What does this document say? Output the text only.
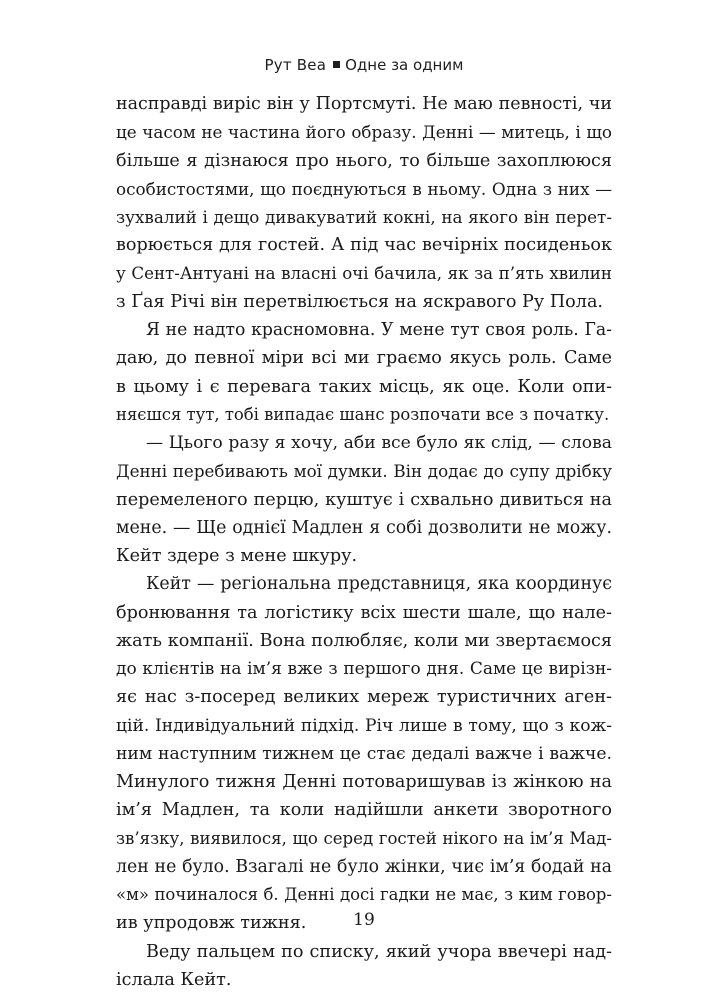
Рут Веа Одне за одним
насправді виріс він у Портсмуті. Не маю певності, чи
це часом не частина його образу. Денні — митець, і що
більше я дізнаюся про нього, то більше захоплююся
особистостями, що поєднуються в ньому. Одна з них —
зухвалий і дещо дивакуватий кокні, на якого він перет-
ворюється для гостей. А під час вечірніх посиденьок
у Сент-Антуані на власні очі бачила, як за п’ять хвилин
з Ґая Річі він перетвілюється на яскравого Ру Пола.
Я не надто красномовна. У мене тут своя роль. Га-
даю, до певної міри всі ми граємо якусь роль. Саме
в цьому і є перевага таких місць, як оце. Коли опи-
няєшся тут, тобі випадає шанс розпочати все з початку.
— Цього разу я хочу, аби все було як слід, — слова
Денні перебивають мої думки. Він додає до супу дрібку
перемеленого перцю, куштує і схвально дивиться на
мене. — Ще однієї Мадлен я собі дозволити не можу.
Кейт здере з мене шкуру.
Кейт — регіональна представниця, яка координує
бронювання та логістику всіх шести шале, що нале-
жать компанії. Вона полюбляє, коли ми звертаємося
до клієнтів на ім’я вже з першого дня. Саме це вирізн-
яє нас з-посеред великих мереж туристичних аген-
цій. Індивідуальний підхід. Річ лише в тому, що з кож-
ним наступним тижнем це стає дедалі важче і важче.
Минулого тижня Денні потоваришував із жінкою на
ім’я Мадлен, та коли надійшли анкети зворотного
зв’язку, виявилося, що серед гостей нікого на ім’я Мад-
лен не було. Взагалі не було жінки, чиє ім’я бодай на
«м» починалося б. Денні досі гадки не має, з ким говор-
ив упродовж тижня.
Веду пальцем по списку, який учора ввечері над-
іслала Кейт.
19
